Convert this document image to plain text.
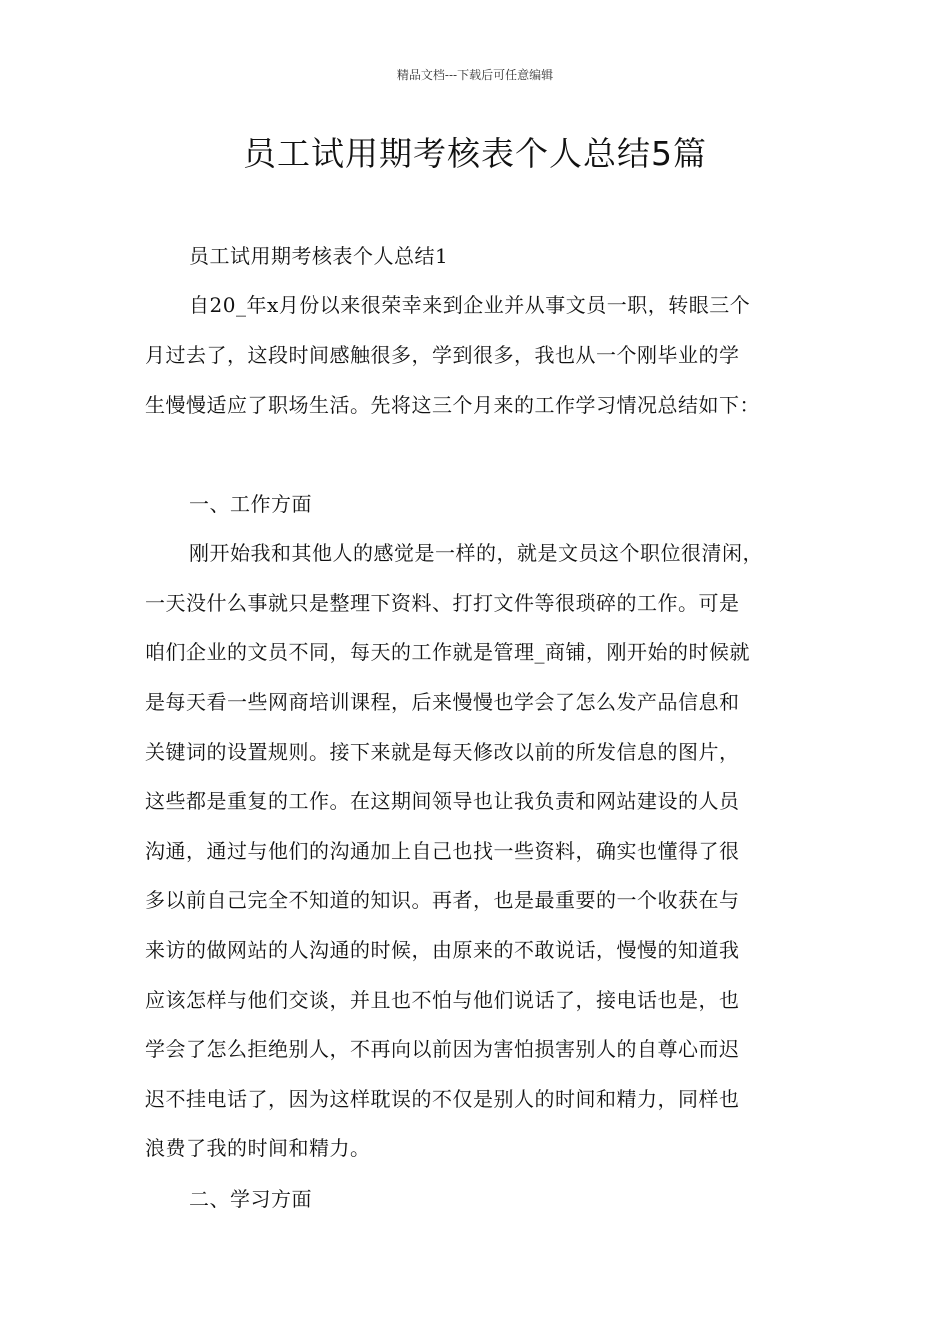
精品文档---下载后可任意编辑
员工试用期考核表个人总结5篇
员工试用期考核表个人总结1
自20_年x月份以来很荣幸来到企业并从事文员一职，转眼三个
月过去了，这段时间感触很多，学到很多，我也从一个刚毕业的学
生慢慢适应了职场生活。先将这三个月来的工作学习情况总结如下：
一、工作方面
刚开始我和其他人的感觉是一样的，就是文员这个职位很清闲，
一天没什么事就只是整理下资料、打打文件等很琐碎的工作。可是
咱们企业的文员不同，每天的工作就是管理_商铺，刚开始的时候就
是每天看一些网商培训课程，后来慢慢也学会了怎么发产品信息和
关键词的设置规则。接下来就是每天修改以前的所发信息的图片，
这些都是重复的工作。在这期间领导也让我负责和网站建设的人员
沟通，通过与他们的沟通加上自己也找一些资料，确实也懂得了很
多以前自己完全不知道的知识。再者，也是最重要的一个收获在与
来访的做网站的人沟通的时候，由原来的不敢说话，慢慢的知道我
应该怎样与他们交谈，并且也不怕与他们说话了，接电话也是，也
学会了怎么拒绝别人，不再向以前因为害怕损害别人的自尊心而迟
迟不挂电话了，因为这样耽误的不仅是别人的时间和精力，同样也
浪费了我的时间和精力。
二、学习方面
